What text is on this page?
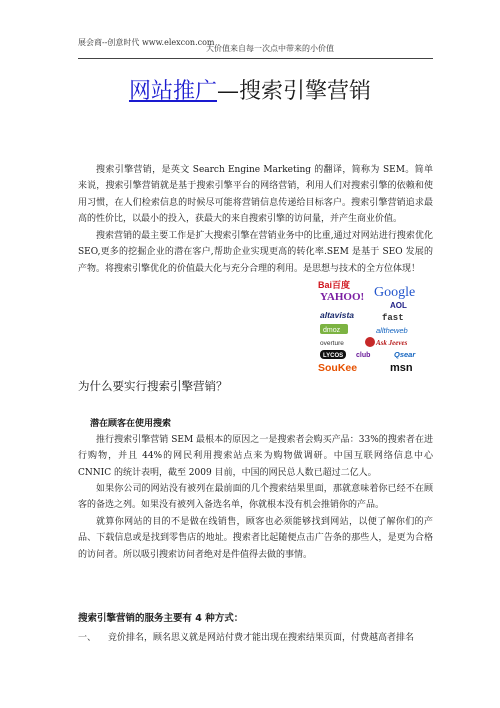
展会商--创意时代 www.elexcon.com
大价值来自每一次点中带来的小价值
网站推广—搜索引擎营销

搜索引擎营销，是英文 Search Engine Marketing 的翻译，简称为 SEM。简单来说，搜索引擎营销就是基于搜索引擎平台的网络营销，利用人们对搜索引擎的依赖和使用习惯，在人们检索信息的时候尽可能将营销信息传递给目标客户。搜索引擎营销追求最高的性价比，以最小的投入，获最大的来自搜索引擎的访问量，并产生商业价值。

搜索营销的最主要工作是扩大搜索引擎在营销业务中的比重,通过对网站进行搜索优化SEO,更多的挖掘企业的潜在客户,帮助企业实现更高的转化率.SEM 是基于 SEO 发展的产物。将搜索引擎优化的价值最大化与充分合理的利用。是思想与技术的全方位体现！

Bai百度
YAHOO! Google
AOL
altavista	fast
dmoz	alltheweb
overture	Ask Jeeves
LYCOS club	Qsear
SouKee	msn
为什么要实行搜索引擎营销？
潜在顾客在使用搜索

推行搜索引擎营销 SEM 最根本的原因之一是搜索者会购买产品：33%的搜索者在进行购物，并且 44%的网民利用搜索站点来为购物做调研。中国互联网络信息中心 CNNIC 的统计表明，截至 2009 目前，中国的网民总人数已超过二亿人。

如果你公司的网站没有被列在最前面的几个搜索结果里面，那就意味着你已经不在顾客的备选之列。如果没有被列入备选名单，你就根本没有机会推销你的产品。

就算你网站的目的不是做在线销售，顾客也必须能够找到网站，以便了解你们的产品、下载信息或是找到零售店的地址。搜索者比起随便点击广告条的那些人，是更为合格的访问者。所以吸引搜索访问者绝对是件值得去做的事情。

搜索引擎营销的服务主要有 4 种方式：
一、 竞价排名，顾名思义就是网站付费才能出现在搜索结果页面，付费越高者排名
